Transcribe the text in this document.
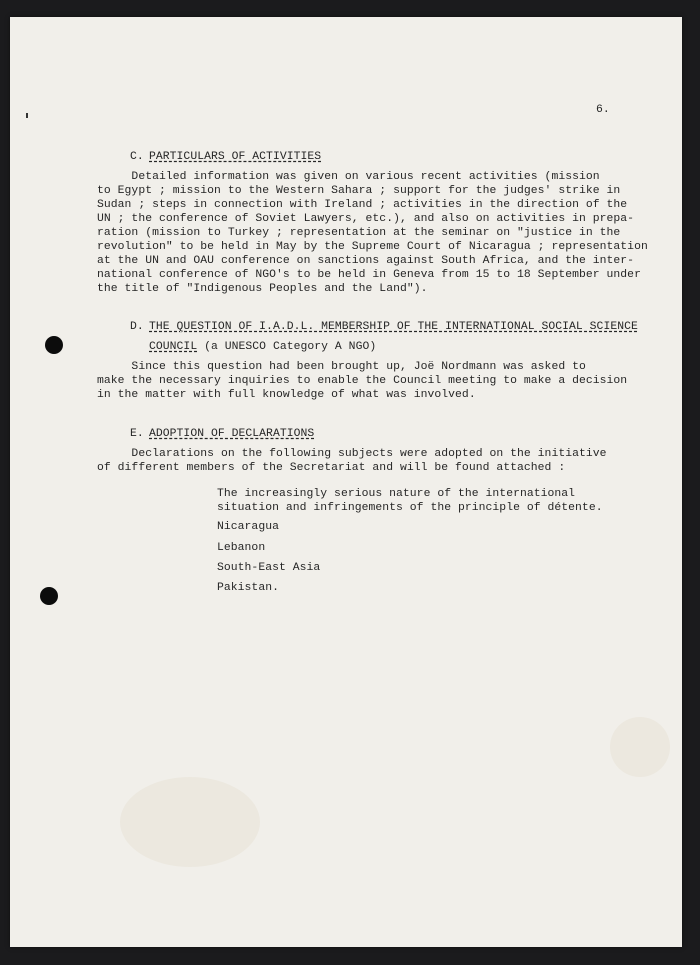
6.

C. PARTICULARS OF ACTIVITIES

Detailed information was given on various recent activities (mission

to Egypt ; mission to the Western Sahara ; support for the judges' strike in

Sudan ; steps in connection with Ireland ; activities in the direction of the

UN ; the conference of Soviet Lawyers, etc.), and also on activities in prepa-

ration (mission to Turkey ; representation at the seminar on "justice in the

revolution" to be held in May by the Supreme Court of Nicaragua ; representation

at the UN and OAU conference on sanctions against South Africa, and the inter-

national conference of NGO's to be held in Geneva from 15 to 18 September under

the title of "Indigenous Peoples and the Land").

D. THE QUESTION OF I.A.D.L. MEMBERSHIP OF THE INTERNATIONAL SOCIAL SCIENCE

COUNCIL (a UNESCO Category A NGO)

Since this question had been brought up, Joë Nordmann was asked to

make the necessary inquiries to enable the Council meeting to make a decision

in the matter with full knowledge of what was involved.

E. ADOPTION OF DECLARATIONS

Declarations on the following subjects were adopted on the initiative

of different members of the Secretariat and will be found attached :

The increasingly serious nature of the international

situation and infringements of the principle of détente.

Nicaragua

Lebanon

South-East Asia

Pakistan.
